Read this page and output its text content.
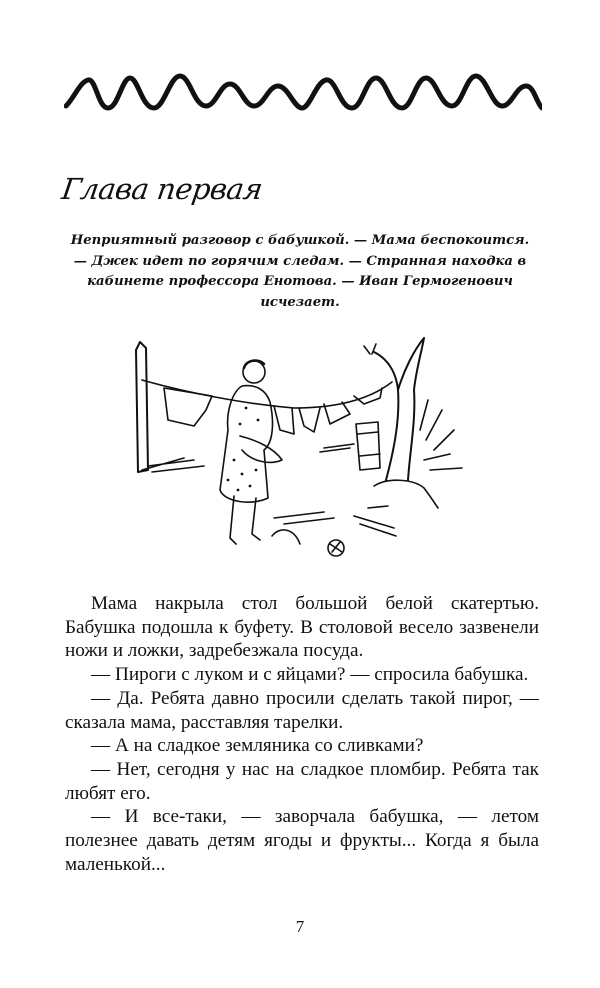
Глава первая
Неприятный разговор с бабушкой. — Мама беспокоится. — Джек идет по горячим следам. — Странная находка в кабинете профессора Енотова. — Иван Гермогенович исчезает.

Мама накрыла стол большой белой скатертью. Бабушка подошла к буфету. В столовой весело зазвенели ножи и ложки, задребезжала посуда.

— Пироги с луком и с яйцами? — спросила бабушка.

— Да. Ребята давно просили сделать такой пирог, — сказала мама, расставляя тарелки.

— А на сладкое земляника со сливками?

— Нет, сегодня у нас на сладкое пломбир. Ребята так любят его.

— И все-таки, — заворчала бабушка, — летом полезнее давать детям ягоды и фрукты... Когда я была маленькой...

7
